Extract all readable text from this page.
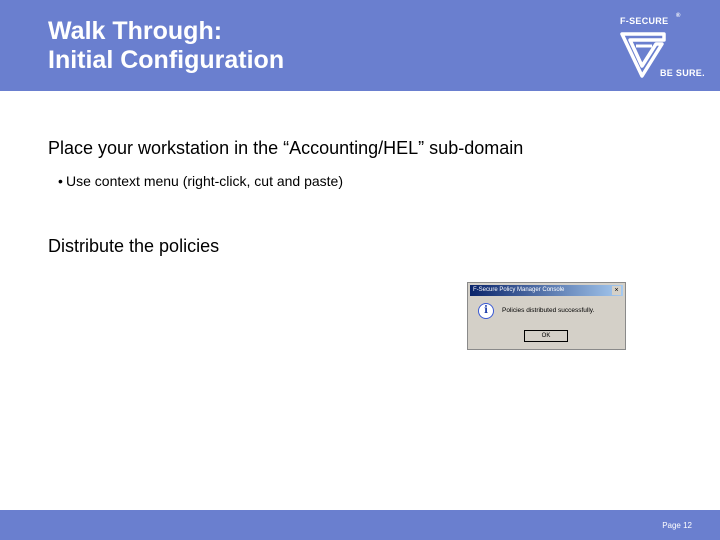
Walk Through:
Initial Configuration
F-SECURE ®
BE SURE.
Place your workstation in the “Accounting/HEL” sub-domain
• Use context menu (right-click, cut and paste)
Distribute the policies
F-Secure Policy Manager Console	×
i	Policies distributed successfully.
OK
Page 12
